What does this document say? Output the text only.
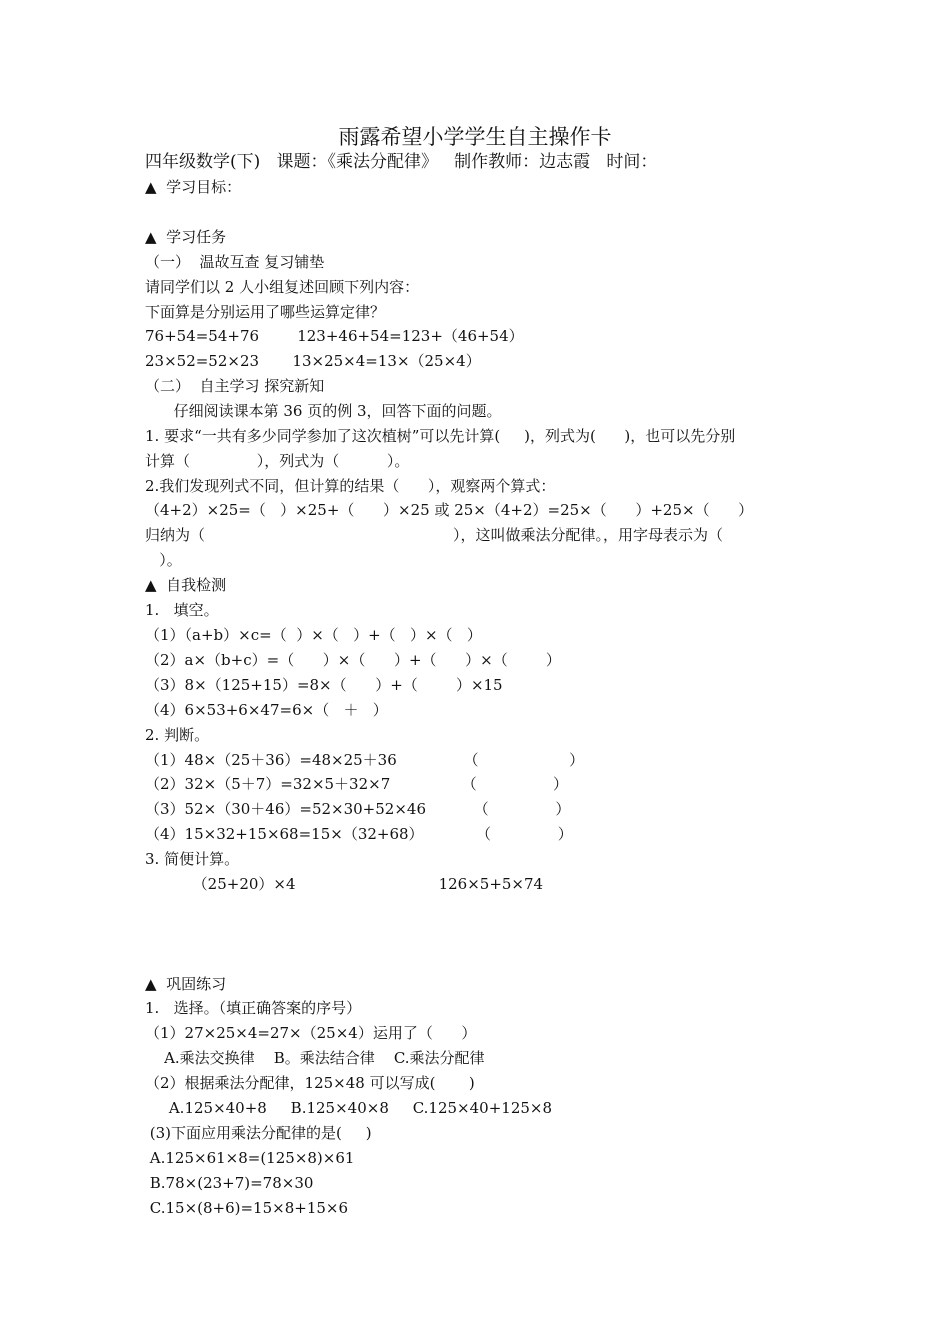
雨露希望小学学生自主操作卡
四年级数学(下)   课题：《乘法分配律》   制作教师：边志霞   时间：
▲  学习目标：
▲  学习任务
（一）  温故互查 复习铺垫
请同学们以 2 人小组复述回顾下列内容：
下面算是分别运用了哪些运算定律？
76+54=54+76        123+46+54=123+（46+54）
23×52=52×23       13×25×4=13×（25×4）
（二）  自主学习 探究新知
仔细阅读课本第 36 页的例 3，回答下面的问题。
1. 要求“一共有多少同学参加了这次植树”可以先计算(     )，列式为(      )，也可以先分别
计算（              ），列式为（          ）。
2.我们发现列式不同，但计算的结果（      ），观察两个算式：
（4+2）×25=（   ）×25+（      ）×25 或 25×（4+2）=25×（      ）+25×（      ）
归纳为（                                                    ），这叫做乘法分配律。，用字母表示为（
）。
▲  自我检测
1.   填空。
（1）（a+b）×c=（  ）×（   ）+（   ）×（   ）
（2）a×（b+c）=（      ）×（      ）+（      ）×（        ）
（3）8×（125+15）=8×（      ）+（        ）×15
（4）6×53+6×47=6×（   ＋   ）
2. 判断。
（1）48×（25＋36）=48×25＋36              （                   ）
（2）32×（5＋7）=32×5＋32×7               （                ）
（3）52×（30＋46）=52×30+52×46          （              ）
（4）15×32+15×68=15×（32+68）           （              ）
3. 简便计算。
（25+20）×4                              126×5+5×74
▲  巩固练习
1.   选择。（填正确答案的序号）
（1）27×25×4=27×（25×4）运用了（      ）
A.乘法交换律    B。乘法结合律    C.乘法分配律
（2）根据乘法分配律，125×48 可以写成(       )
A.125×40+8     B.125×40×8     C.125×40+125×8
(3)下面应用乘法分配律的是(     )
A.125×61×8=(125×8)×61
B.78×(23+7)=78×30
C.15×(8+6)=15×8+15×6
